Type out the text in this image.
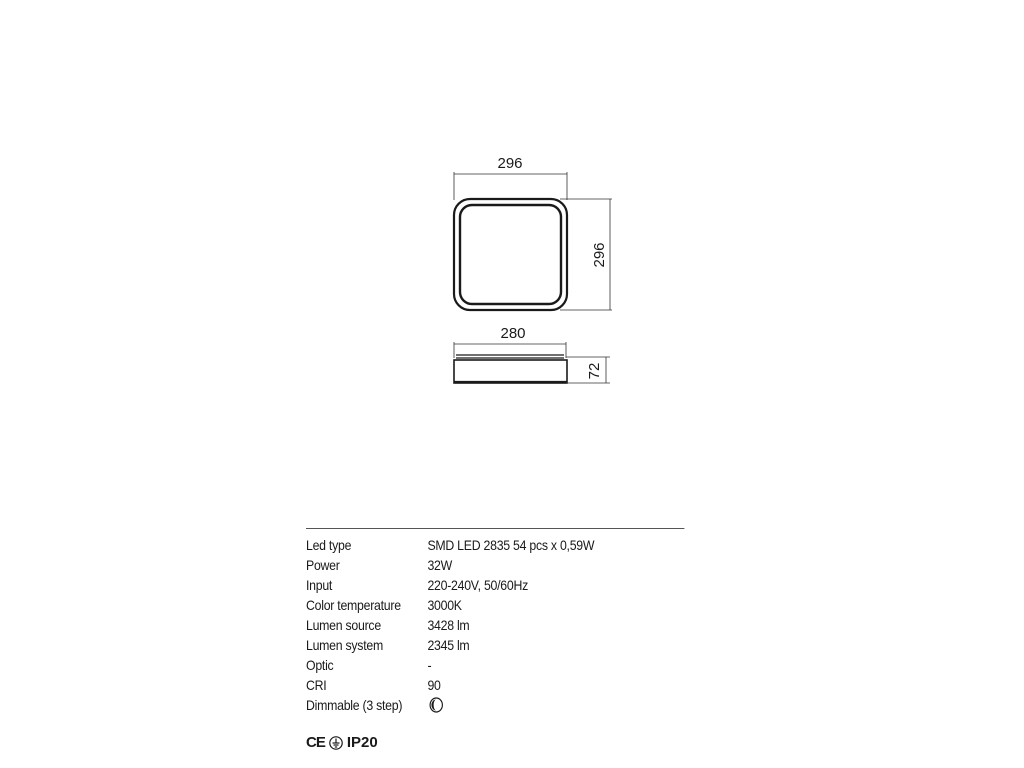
296
296
280
72
Led type	SMD LED 2835 54 pcs x 0,59W
Power	32W
Input	220-240V, 50/60Hz
Color temperature	3000K
Lumen source	3428 lm
Lumen system	2345 lm
Optic	-
CRI	90
Dimmable (3 step)
CE IP20
